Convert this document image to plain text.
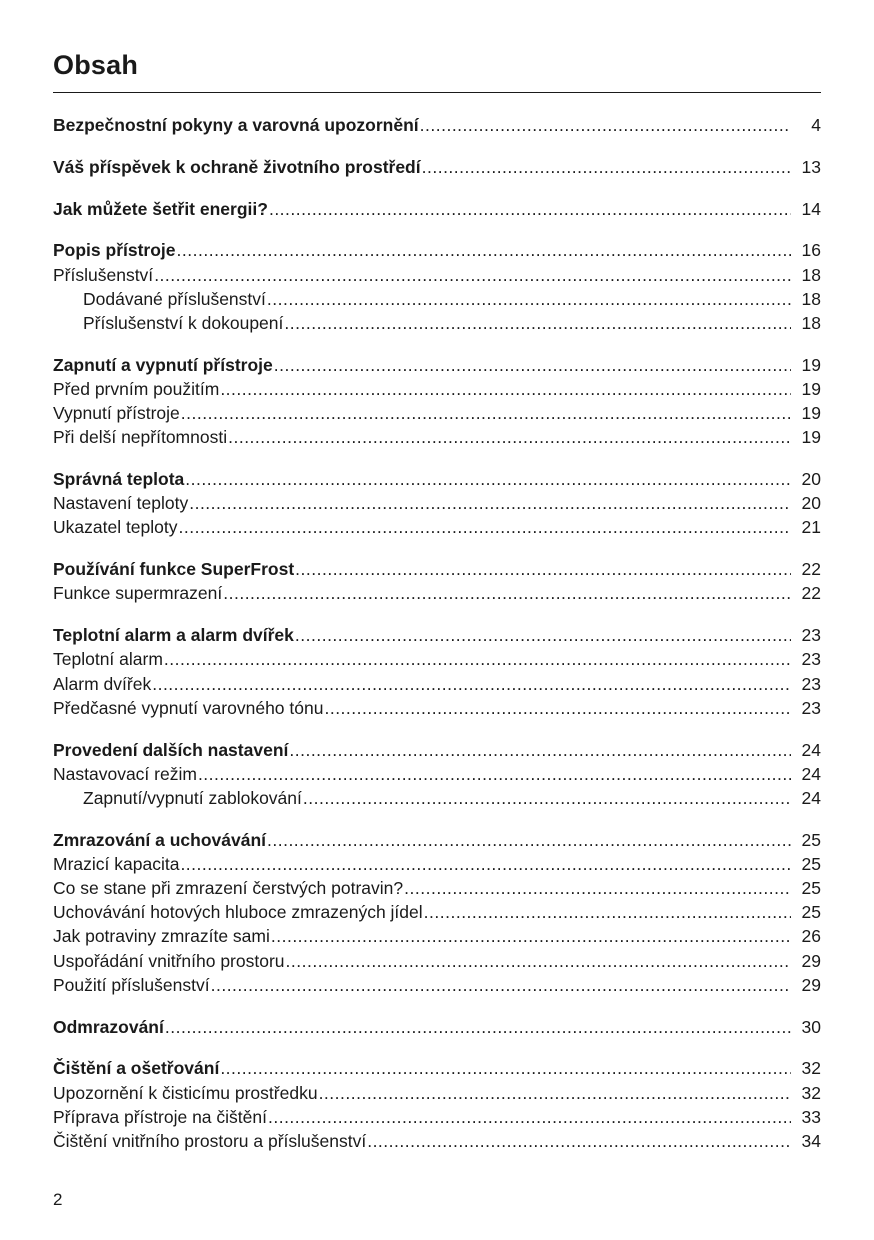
Obsah
Bezpečnostní pokyny a varovná upozornění .....	4
Váš příspěvek k ochraně životního prostředí .....	13
Jak můžete šetřit energii? .....	14
Popis přístroje .....	16
Příslušenství .....	18
Dodávané příslušenství .....	18
Příslušenství k dokoupení .....	18
Zapnutí a vypnutí přístroje .....	19
Před prvním použitím .....	19
Vypnutí přístroje .....	19
Při delší nepřítomnosti .....	19
Správná teplota .....	20
Nastavení teploty .....	20
Ukazatel teploty .....	21
Používání funkce SuperFrost .....	22
Funkce supermrazení .....	22
Teplotní alarm a alarm dvířek .....	23
Teplotní alarm .....	23
Alarm dvířek .....	23
Předčasné vypnutí varovného tónu .....	23
Provedení dalších nastavení .....	24
Nastavovací režim .....	24
Zapnutí/vypnutí zablokování .....	24
Zmrazování a uchovávání .....	25
Mrazicí kapacita .....	25
Co se stane při zmrazení čerstvých potravin? .....	25
Uchovávání hotových hluboce zmrazených jídel .....	25
Jak potraviny zmrazíte sami .....	26
Uspořádání vnitřního prostoru .....	29
Použití příslušenství .....	29
Odmrazování .....	30
Čištění a ošetřování .....	32
Upozornění k čisticímu prostředku .....	32
Příprava přístroje na čištění .....	33
Čištění vnitřního prostoru a příslušenství .....	34
2
